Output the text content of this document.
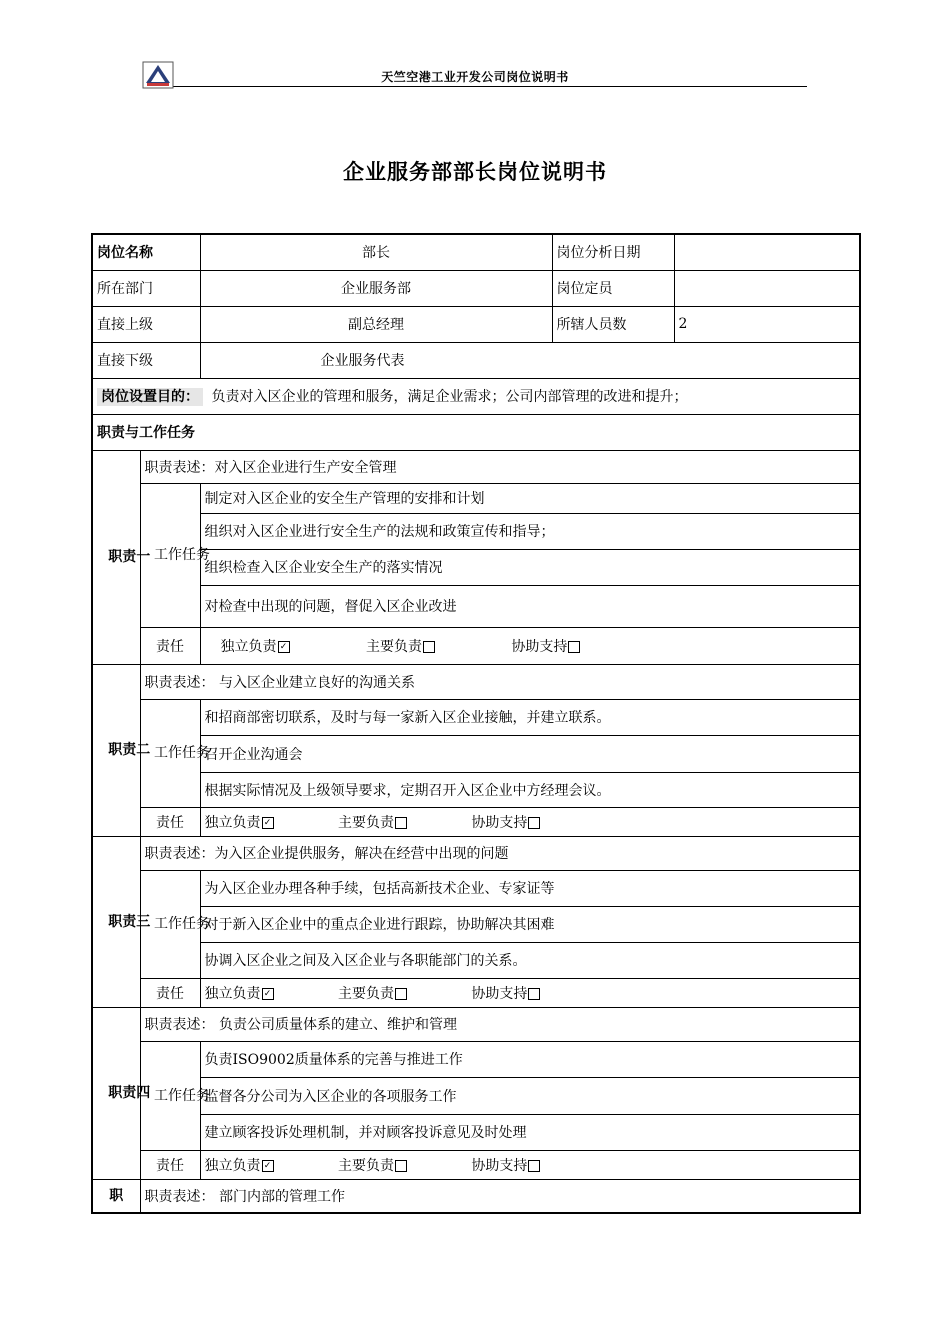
天竺空港工业开发公司岗位说明书
企业服务部部长岗位说明书
岗位名称		部长	岗位分析日期	
所在部门		企业服务部	岗位定员	
直接上级		副总经理	所辖人员数	2
直接下级		企业服务代表		
岗位设置目的： 负责对入区企业的管理和服务，满足企业需求；公司内部管理的改进和提升；				
职责与工作任务				

职责一	职责表述：对入区企业进行生产安全管理			

	工作任务	制定对入区企业的安全生产管理的安排和计划		
		组织对入区企业进行安全生产的法规和政策宣传和指导；		
		组织检查入区企业安全生产的落实情况		
		对检查中出现的问题，督促入区企业改进		
	责任	独立负责 ✓ 主要负责 协助支持		

职责二	职责表述： 与入区企业建立良好的沟通关系			

	工作任务	和招商部密切联系，及时与每一家新入区企业接触，并建立联系。		
		召开企业沟通会		
		根据实际情况及上级领导要求，定期召开入区企业中方经理会议。		
	责任	独立负责 ✓ 主要负责 协助支持		

职责三	职责表述：为入区企业提供服务，解决在经营中出现的问题			

	工作任务	为入区企业办理各种手续，包括高新技术企业、专家证等		
		对于新入区企业中的重点企业进行跟踪，协助解决其困难		
		协调入区企业之间及入区企业与各职能部门的关系。		
	责任	独立负责 ✓ 主要负责 协助支持		

职责四	职责表述： 负责公司质量体系的建立、维护和管理			

	工作任务	负责ISO9002质量体系的完善与推进工作		
		监督各分公司为入区企业的各项服务工作		
		建立顾客投诉处理机制，并对顾客投诉意见及时处理		
	责任	独立负责 ✓ 主要负责 协助支持		
职	职责表述： 部门内部的管理工作			
